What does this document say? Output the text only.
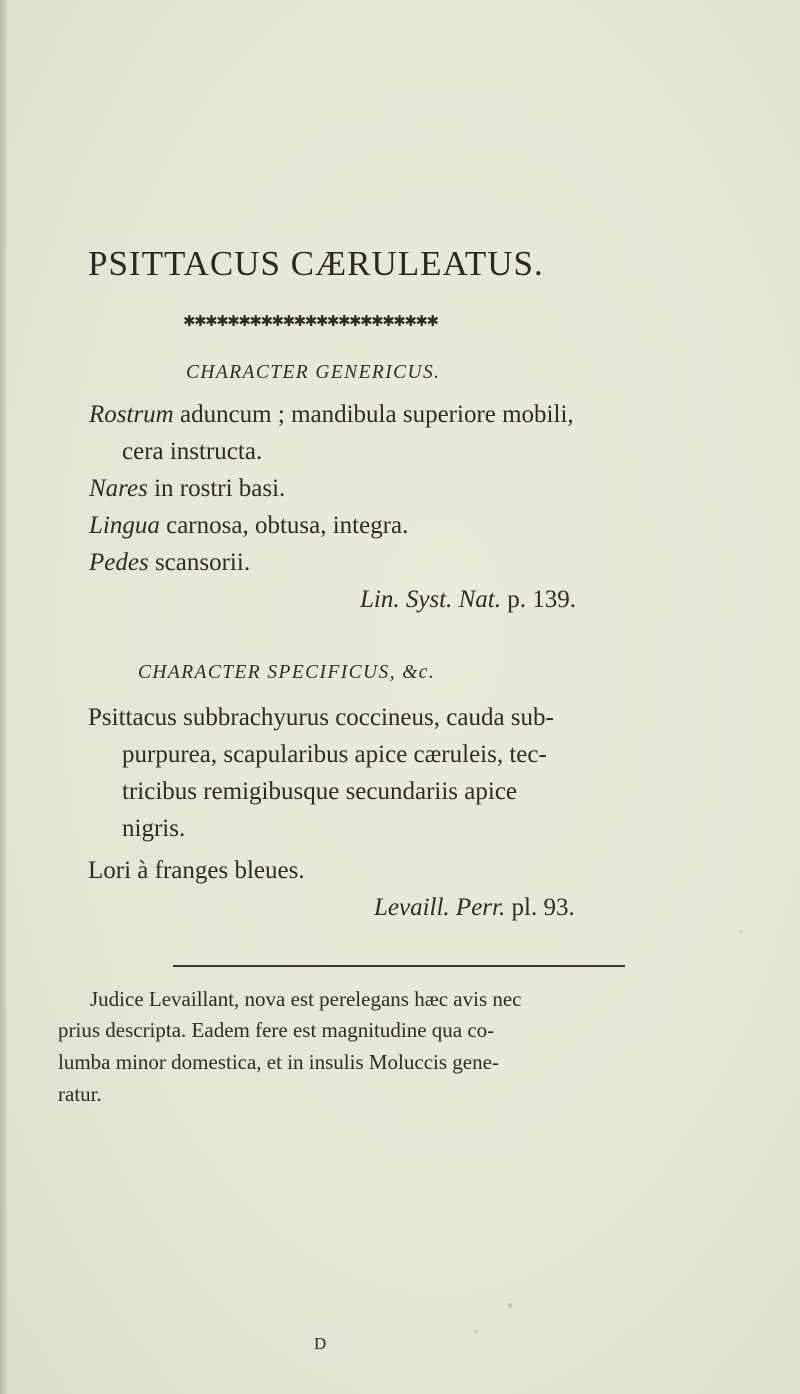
PSITTACUS CÆRULEATUS.
✱✱✱✱✱✱✱✱✱✱✱✱✱✱✱✱✱✱✱✱✱✱✱
CHARACTER GENERICUS.
Rostrum aduncum ; mandibula superiore mobili,
cera instructa.
Nares in rostri basi.
Lingua carnosa, obtusa, integra.
Pedes scansorii.
Lin. Syst. Nat. p. 139.
CHARACTER SPECIFICUS, &c.
Psittacus subbrachyurus coccineus, cauda sub-
purpurea, scapularibus apice cæruleis, tec-
tricibus remigibusque secundariis apice
nigris.
Lori à franges bleues.
Levaill. Perr. pl. 93.
Judice Levaillant, nova est perelegans hæc avis nec
prius descripta. Eadem fere est magnitudine qua co-
lumba minor domestica, et in insulis Moluccis gene-
ratur.
D
